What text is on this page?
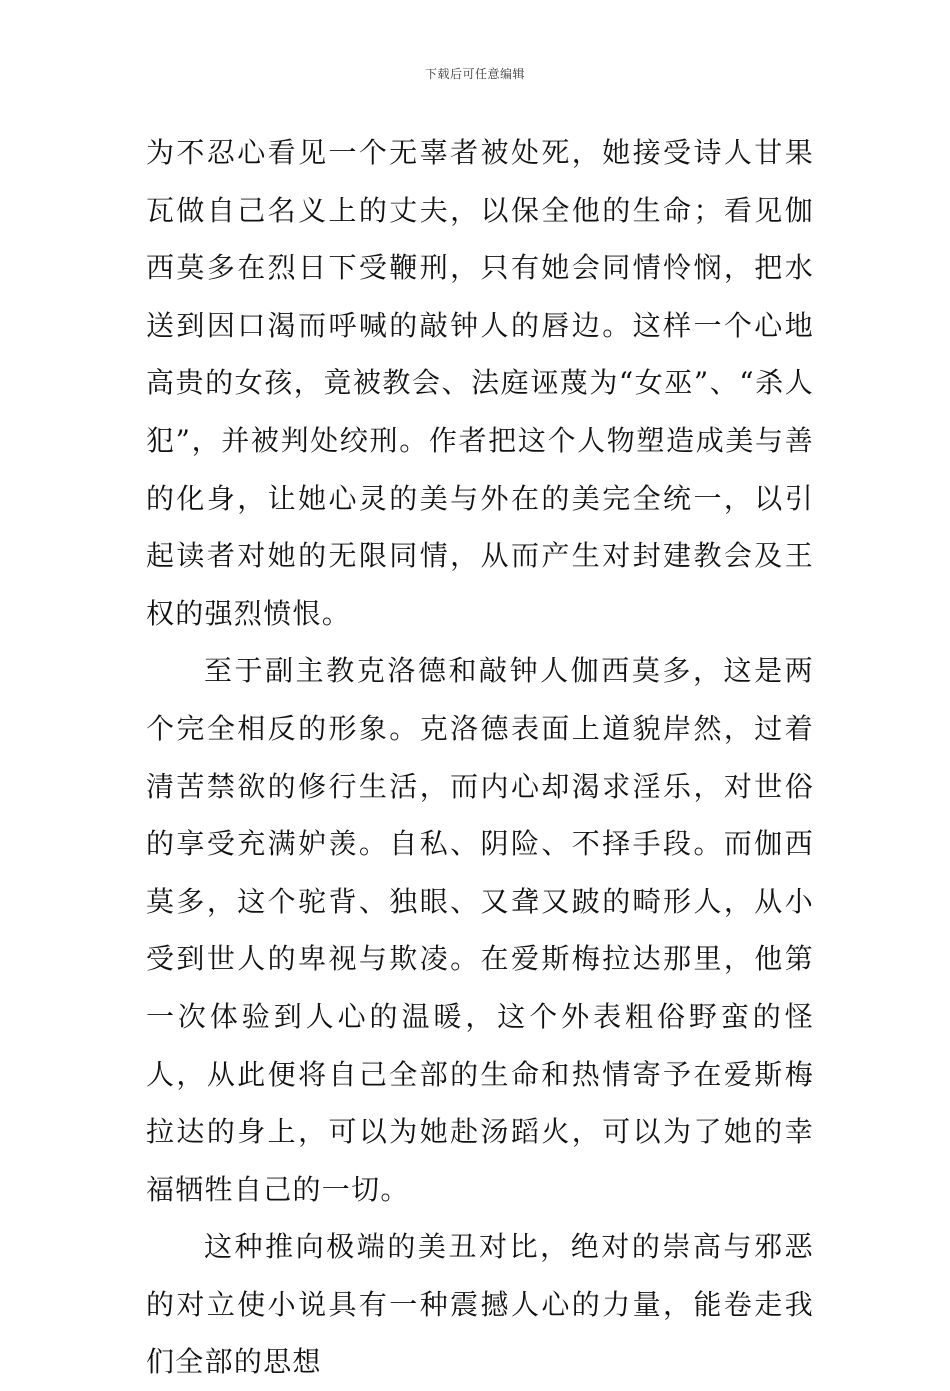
下载后可任意编辑

为不忍心看见一个无辜者被处死，她接受诗人甘果瓦做自己名义上的丈夫，以保全他的生命；看见伽西莫多在烈日下受鞭刑，只有她会同情怜悯，把水送到因口渴而呼喊的敲钟人的唇边。这样一个心地高贵的女孩，竟被教会、法庭诬蔑为“女巫”、“杀人犯”，并被判处绞刑。作者把这个人物塑造成美与善的化身，让她心灵的美与外在的美完全统一，以引起读者对她的无限同情，从而产生对封建教会及王权的强烈愤恨。

至于副主教克洛德和敲钟人伽西莫多，这是两个完全相反的形象。克洛德表面上道貌岸然，过着清苦禁欲的修行生活，而内心却渴求淫乐，对世俗的享受充满妒羡。自私、阴险、不择手段。而伽西莫多，这个驼背、独眼、又聋又跛的畸形人，从小受到世人的卑视与欺凌。在爱斯梅拉达那里，他第一次体验到人心的温暖，这个外表粗俗野蛮的怪人，从此便将自己全部的生命和热情寄予在爱斯梅拉达的身上，可以为她赴汤蹈火，可以为了她的幸福牺牲自己的一切。

这种推向极端的美丑对比，绝对的崇高与邪恶的对立使小说具有一种震撼人心的力量，能卷走我们全部的思想
